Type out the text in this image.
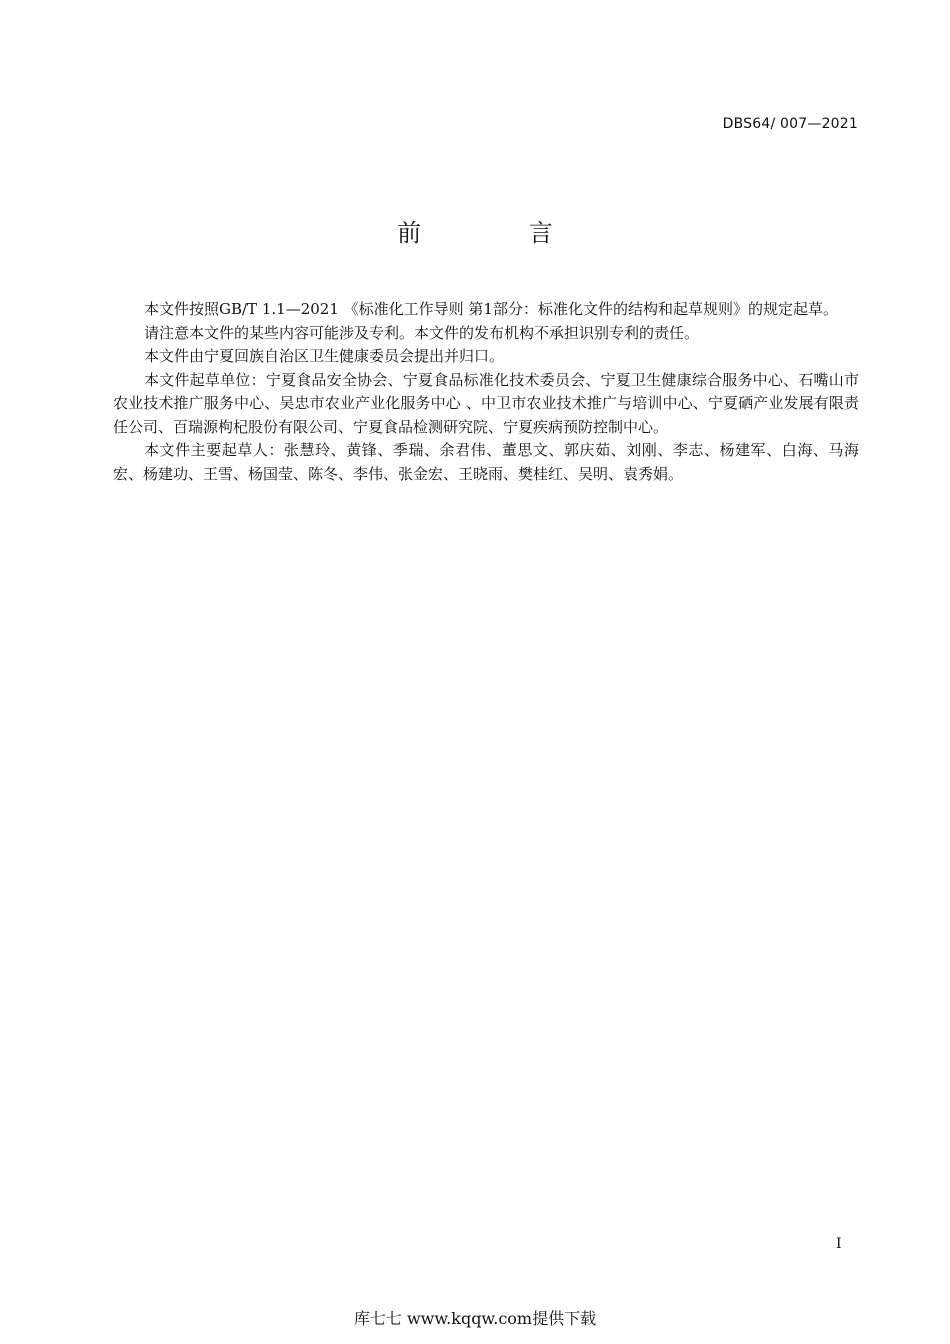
DBS64/ 007—2021
前 言

本文件按照GB/T 1.1—2021 《标准化工作导则 第1部分：标准化文件的结构和起草规则》的规定起草。

请注意本文件的某些内容可能涉及专利。本文件的发布机构不承担识别专利的责任。

本文件由宁夏回族自治区卫生健康委员会提出并归口。

本文件起草单位：宁夏食品安全协会、宁夏食品标准化技术委员会、宁夏卫生健康综合服务中心、石嘴山市农业技术推广服务中心、吴忠市农业产业化服务中心 、中卫市农业技术推广与培训中心、宁夏硒产业发展有限责任公司、百瑞源枸杞股份有限公司、宁夏食品检测研究院、宁夏疾病预防控制中心。

本文件主要起草人：张慧玲、黄锋、季瑞、余君伟、董思文、郭庆茹、刘刚、李志、杨建军、白海、马海宏、杨建功、王雪、杨国莹、陈冬、李伟、张金宏、王晓雨、樊桂红、吴明、袁秀娟。

I
库七七 www.kqqw.com提供下载
